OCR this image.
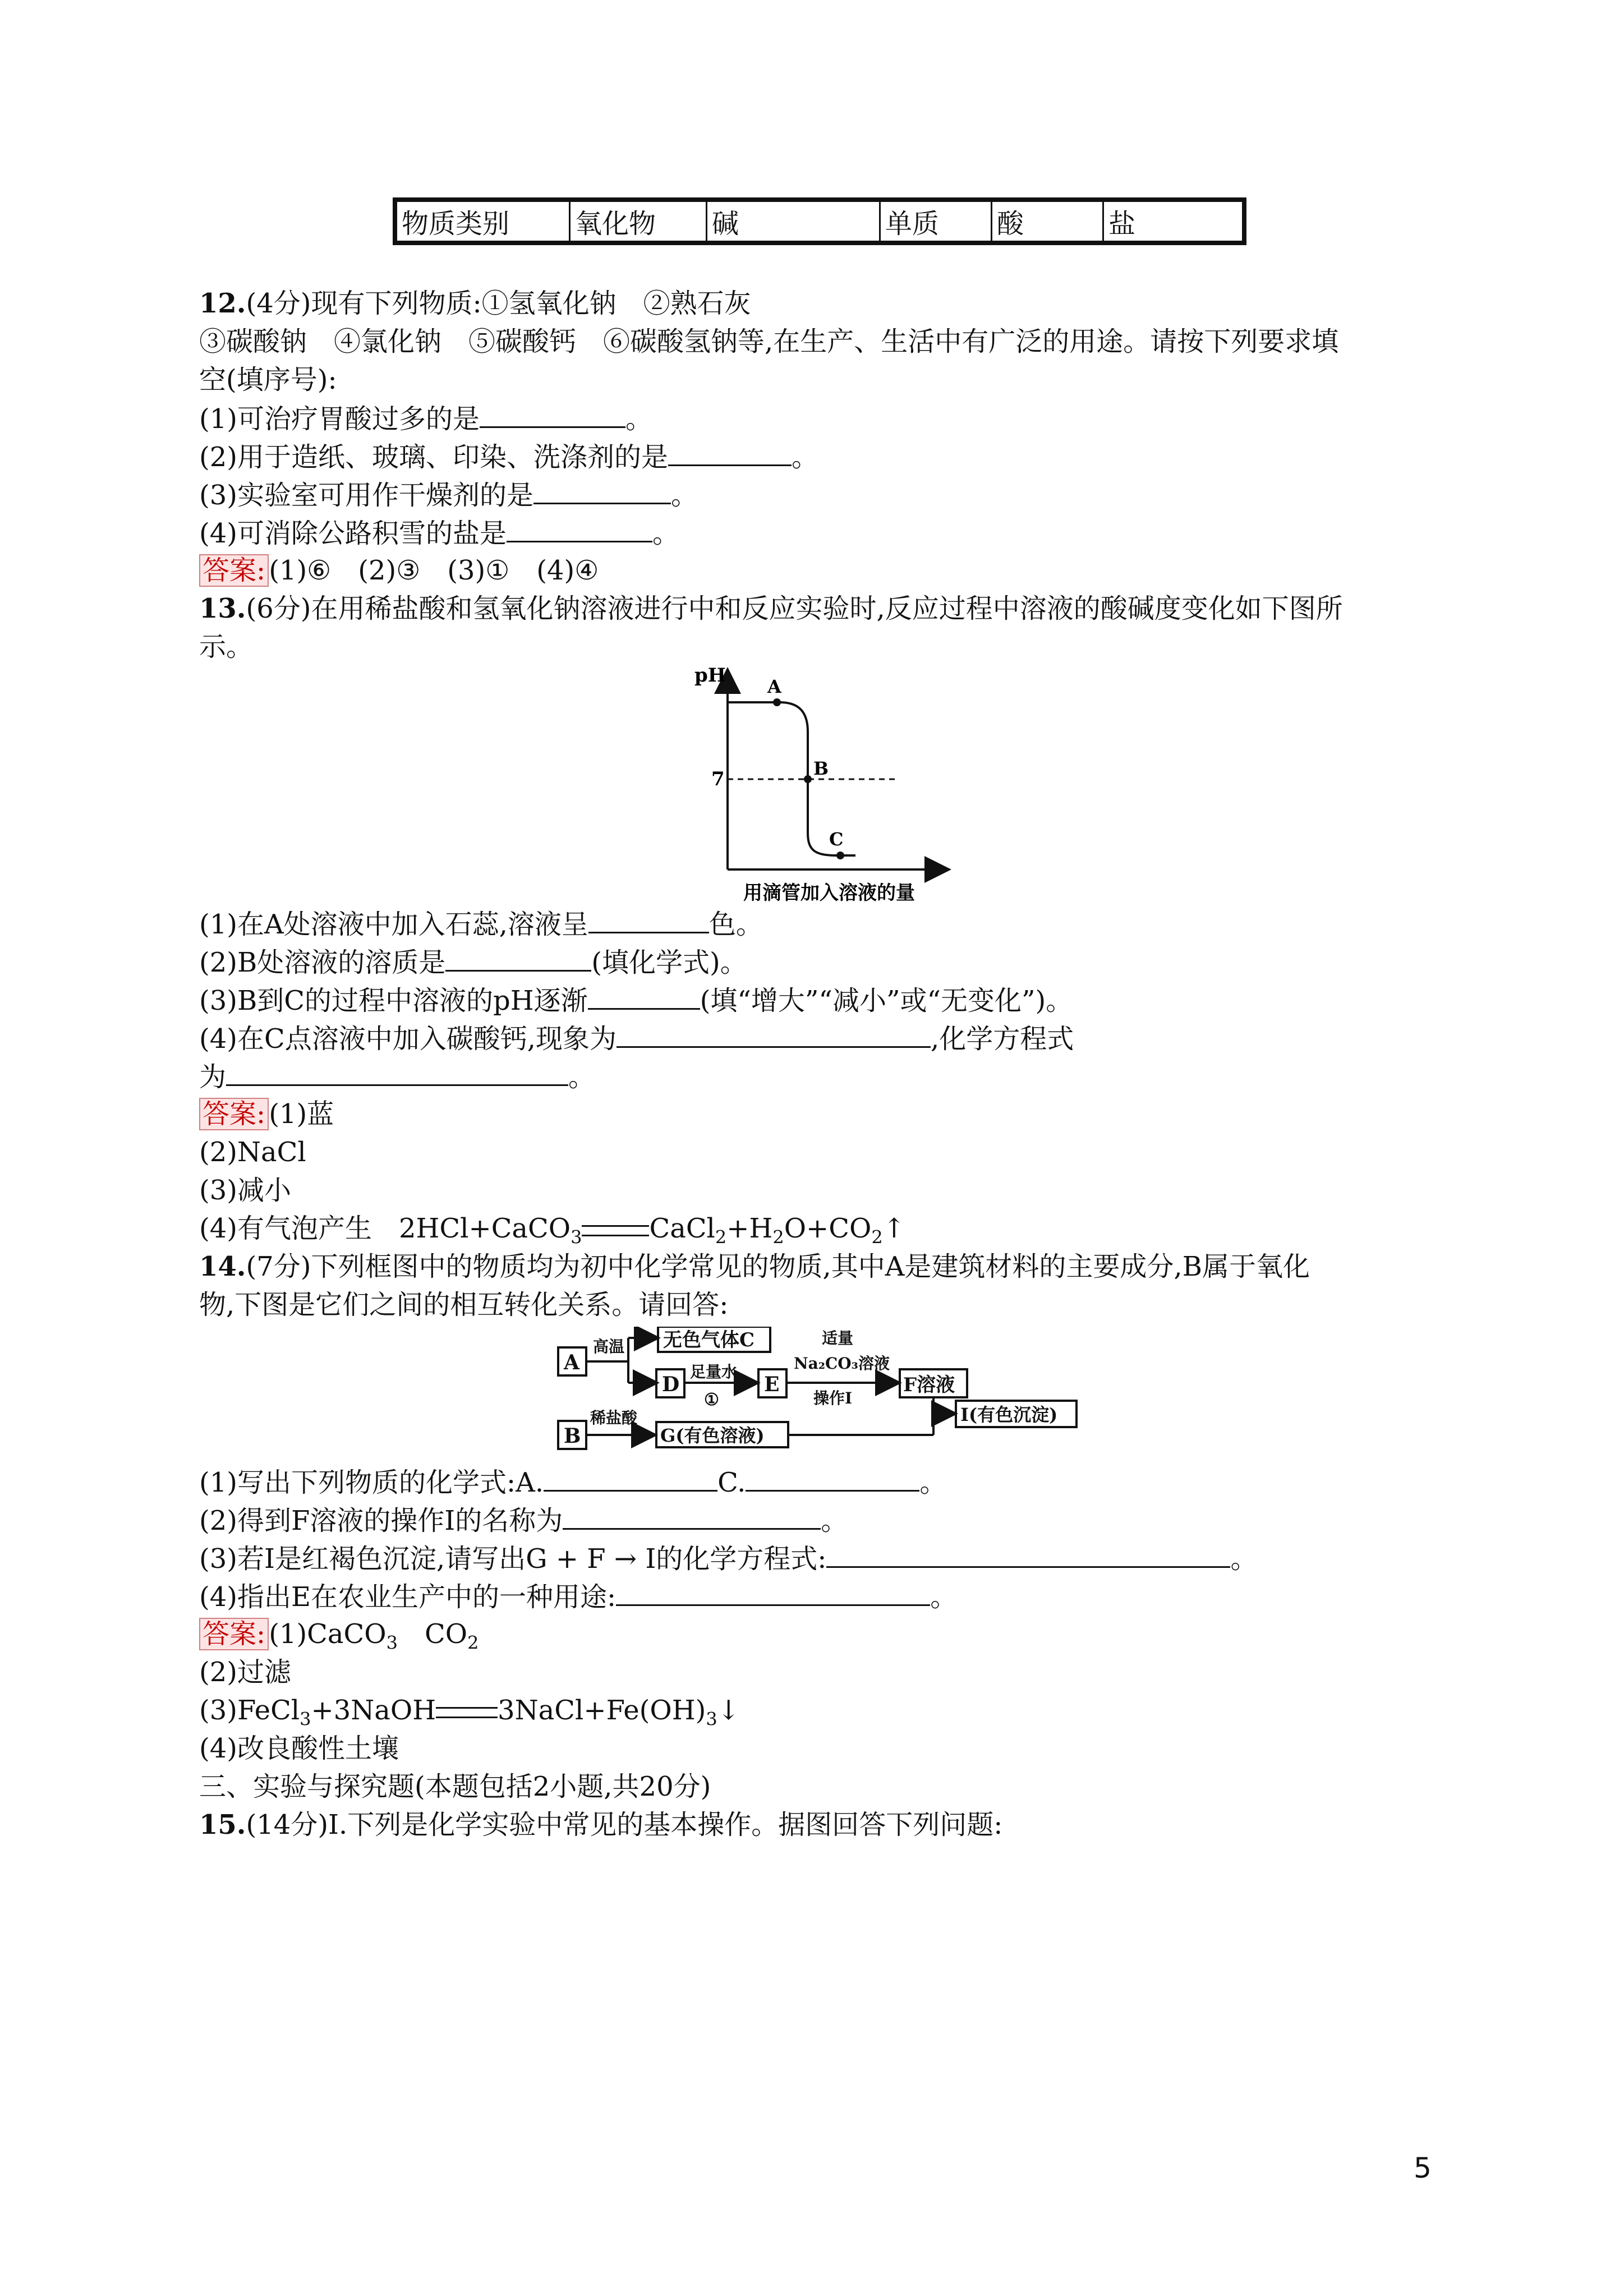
物质类别	氧化物	碱	单质	酸	盐
12.(4分)现有下列物质:①氢氧化钠　②熟石灰
③碳酸钠　④氯化钠　⑤碳酸钙　⑥碳酸氢钠等,在生产、生活中有广泛的用途。请按下列要求填
空(填序号):
(1)可治疗胃酸过多的是	。
(2)用于造纸、玻璃、印染、洗涤剂的是	。
(3)实验室可用作干燥剂的是	。
(4)可消除公路积雪的盐是	。
答案: (1)⑥　(2)③　(3)①　(4)④
13.(6分)在用稀盐酸和氢氧化钠溶液进行中和反应实验时,反应过程中溶液的酸碱度变化如下图所
示。
pH
7
A
B
C
用滴管加入溶液的量
(1)在A处溶液中加入石蕊,溶液呈	色。
(2)B处溶液的溶质是	(填化学式)。
(3)B到C的过程中溶液的pH逐渐	(填“增大”“减小”或“无变化”)。
(4)在C点溶液中加入碳酸钙,现象为	,化学方程式
为	。
答案: (1)蓝
(2)NaCl
(3)减小
(4)有气泡产生　2HCl+CaCO$_3$	$CaCl_2+H_2O+CO_2↑$
14.(7分)下列框图中的物质均为初中化学常见的物质,其中A是建筑材料的主要成分,B属于氧化
物,下图是它们之间的相互转化关系。请回答:
A
高温 无色气体C
D
足量水
①
E
适量
Na₂CO₃溶液
操作Ⅰ
F溶液
B
稀盐酸
G(有色溶液)
I(有色沉淀)
(1)写出下列物质的化学式:A.	C.	。
(2)得到F溶液的操作Ⅰ的名称为	。
(3)若I是红褐色沉淀,请写出G + F → I的化学方程式:	。
(4)指出E在农业生产中的一种用途:	。
答案: (1)CaCO$_3$　$CO_2$
(2)过滤
(3)FeCl$_3$+3NaOH $3NaCl+Fe(OH)_3↓$
(4)改良酸性土壤
三、实验与探究题(本题包括2小题,共20分)
15.(14分)Ⅰ.下列是化学实验中常见的基本操作。据图回答下列问题:
5
